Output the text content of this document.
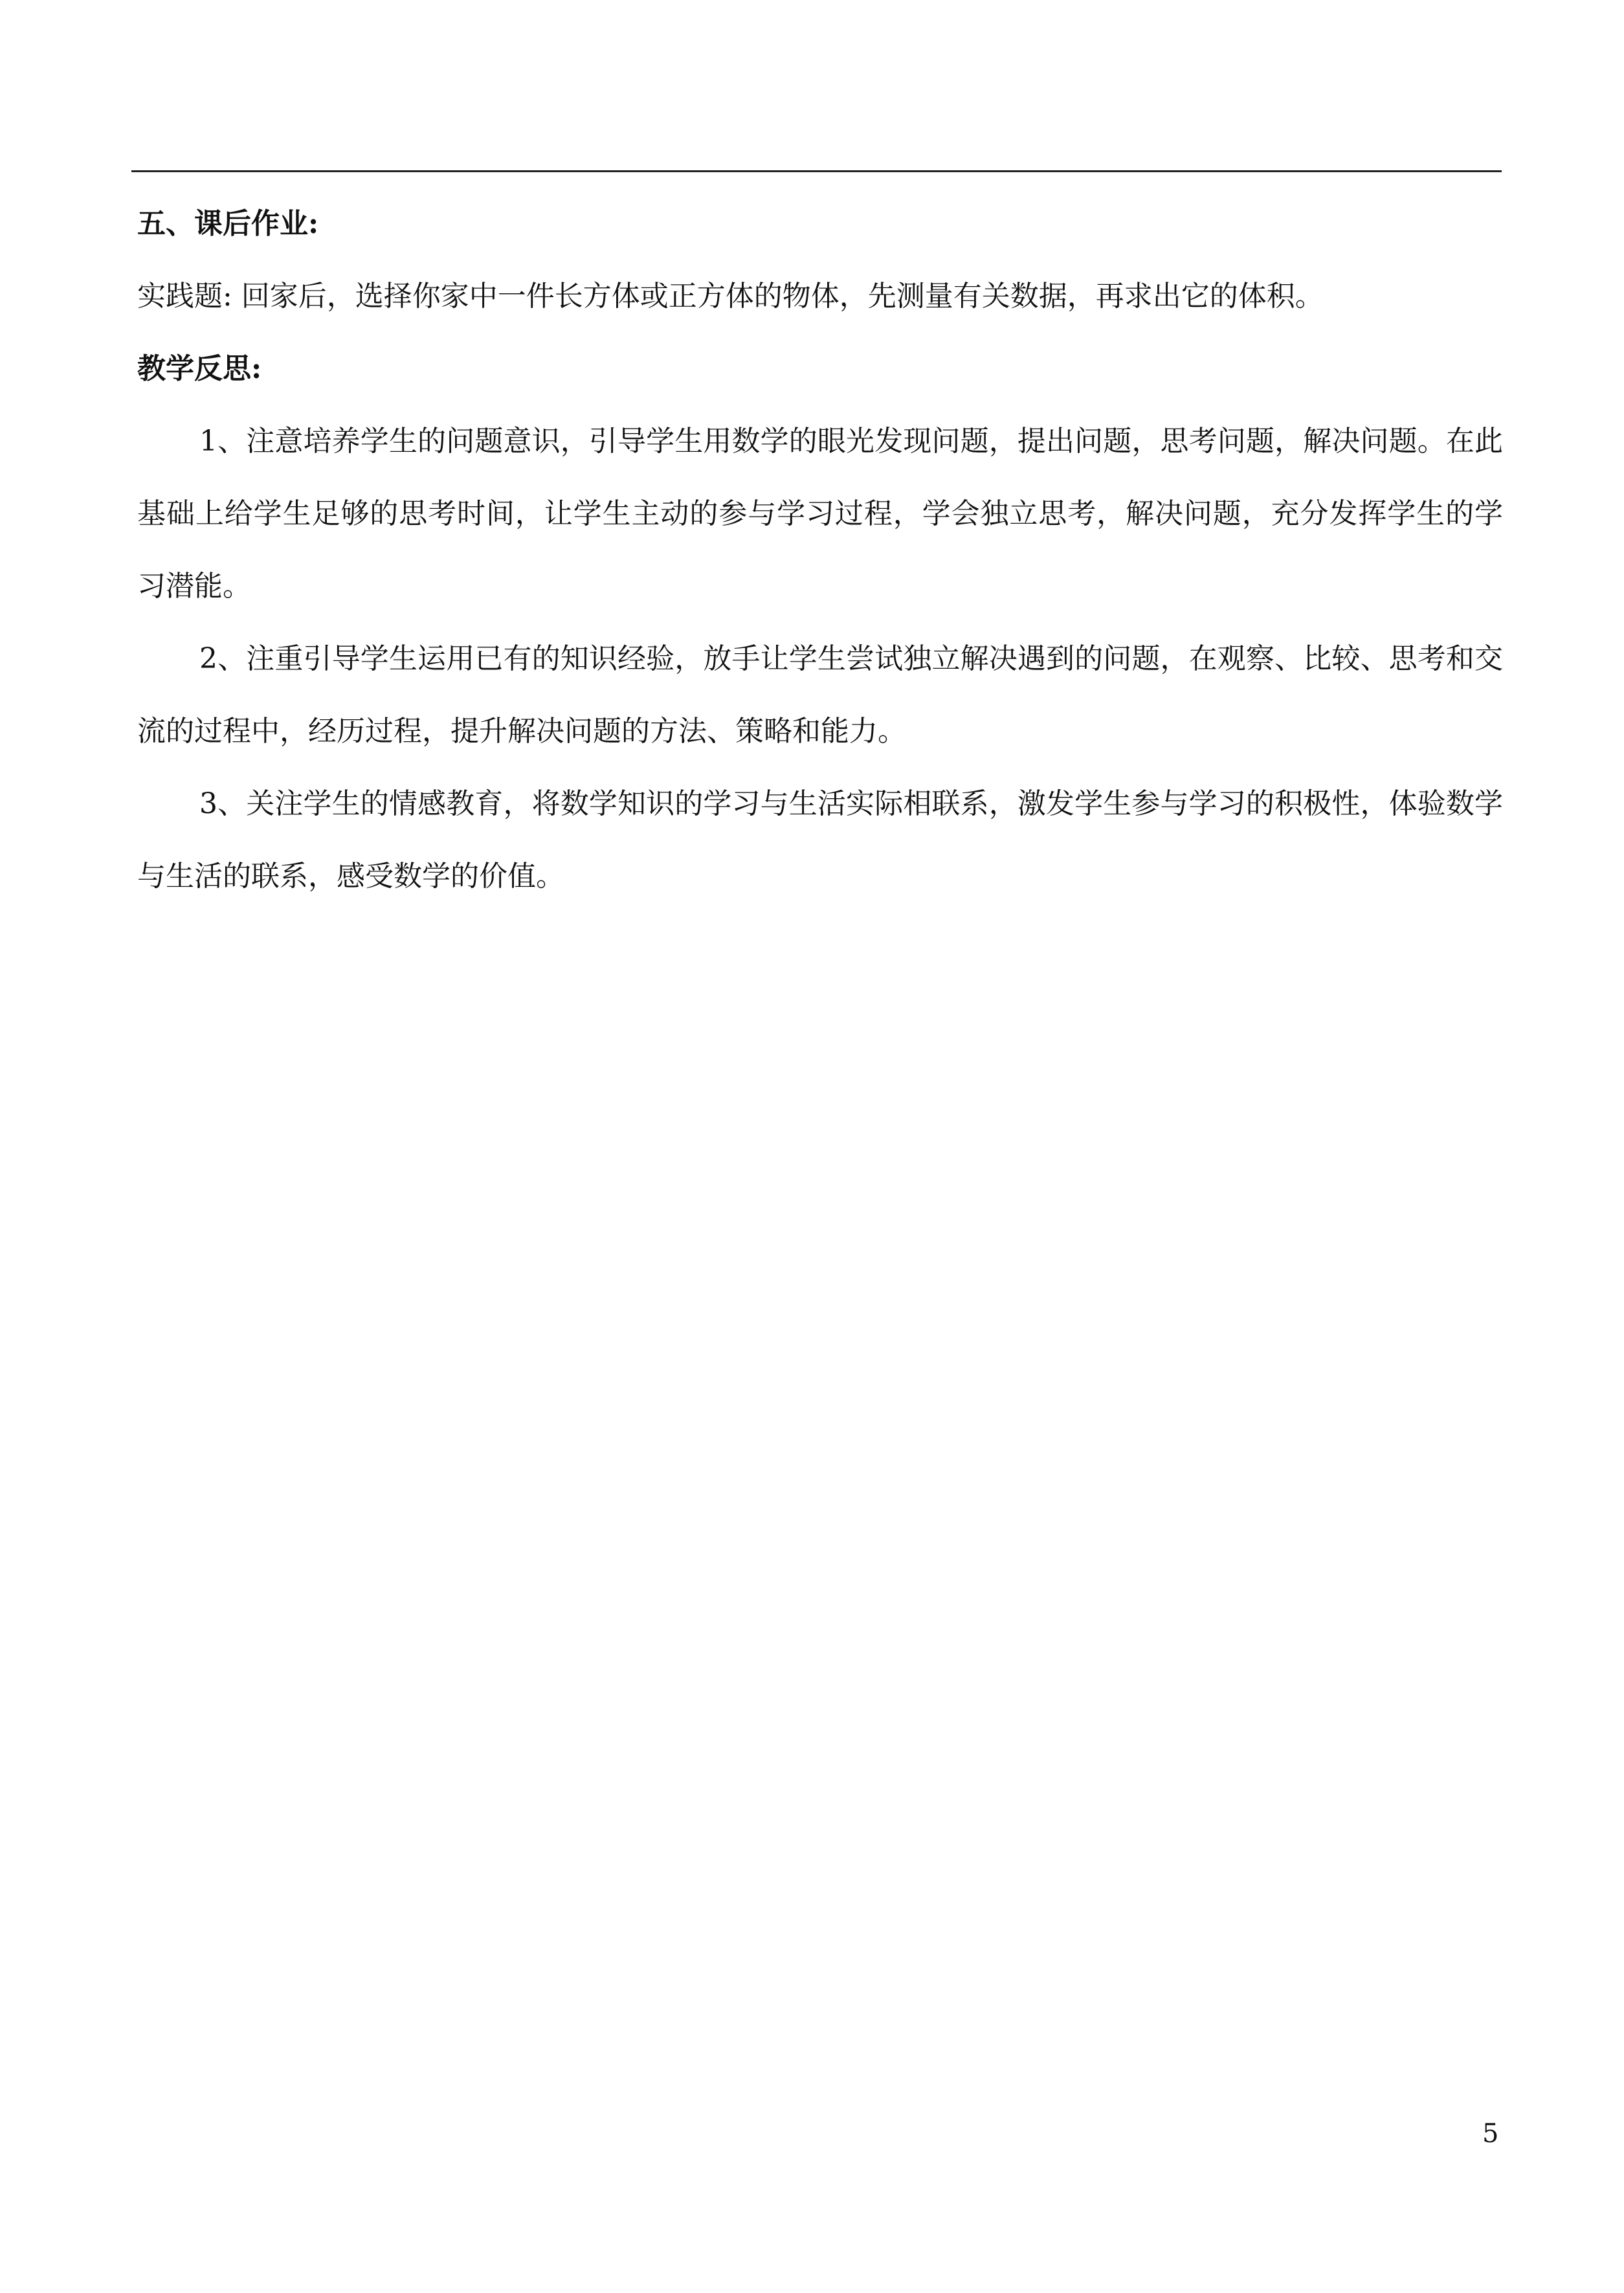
五、课后作业:

实践题: 回家后，选择你家中一件长方体或正方体的物体，先测量有关数据，再求出它的体积。

教学反思:

1、注意培养学生的问题意识，引导学生用数学的眼光发现问题，提出问题，思考问题，解决问题。在此基础上给学生足够的思考时间，让学生主动的参与学习过程，学会独立思考，解决问题，充分发挥学生的学习潜能。

2、注重引导学生运用已有的知识经验，放手让学生尝试独立解决遇到的问题，在观察、比较、思考和交流的过程中，经历过程，提升解决问题的方法、策略和能力。

3、关注学生的情感教育，将数学知识的学习与生活实际相联系，激发学生参与学习的积极性，体验数学与生活的联系，感受数学的价值。

5
